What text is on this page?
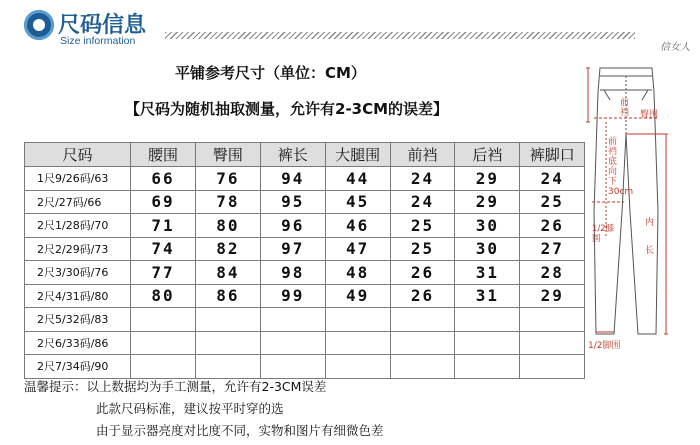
尺码信息
Size information
信女人
平铺参考尺寸（单位：CM）
【尺码为随机抽取测量，允许有2-3CM的误差】
尺码	腰围	臀围	裤长	大腿围	前裆	后裆	裤脚口
1尺9/26码/63	66	76	94	44	24	29	24
2尺/27码/66	69	78	95	45	24	29	25
2尺1/28码/70	71	80	96	46	25	30	26
2尺2/29码/73	74	82	97	47	25	30	27
2尺3/30码/76	77	84	98	48	26	31	28
2尺4/31码/80	80	86	99	49	26	31	29
2尺5/32码/83							
2尺6/33码/86							
2尺7/34码/90							
前裆 臀围
前裆底向下30cm
1/2膝围
内长
1/2脚围
温馨提示：以上数据均为手工测量，允许有2-3CM误差
此款尺码标准，建议按平时穿的选
由于显示器亮度对比度不同，实物和图片有细微色差
